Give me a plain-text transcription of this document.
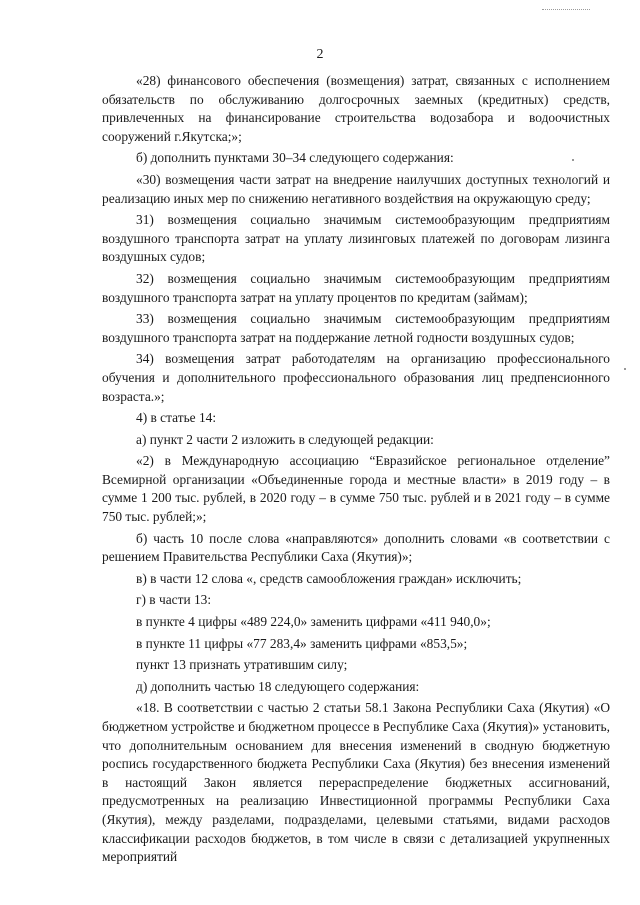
2

«28) финансового обеспечения (возмещения) затрат, связанных с исполнением обязательств по обслуживанию долгосрочных заемных (кредитных) средств, привлеченных на финансирование строительства водозабора и водоочистных сооружений г.Якутска;»;

б) дополнить пунктами 30–34 следующего содержания:

«30) возмещения части затрат на внедрение наилучших доступных технологий и реализацию иных мер по снижению негативного воздействия на окружающую среду;

31) возмещения социально значимым системообразующим предприятиям воздушного транспорта затрат на уплату лизинговых платежей по договорам лизинга воздушных судов;

32) возмещения социально значимым системообразующим предприятиям воздушного транспорта затрат на уплату процентов по кредитам (займам);

33) возмещения социально значимым системообразующим предприятиям воздушного транспорта затрат на поддержание летной годности воздушных судов;

34) возмещения затрат работодателям на организацию профессионального обучения и дополнительного профессионального образования лиц предпенсионного возраста.»;

4) в статье 14:

а) пункт 2 части 2 изложить в следующей редакции:

«2) в Международную ассоциацию “Евразийское региональное отделение” Всемирной организации «Объединенные города и местные власти» в 2019 году – в сумме 1 200 тыс. рублей, в 2020 году – в сумме 750 тыс. рублей и в 2021 году – в сумме 750 тыс. рублей;»;

б) часть 10 после слова «направляются» дополнить словами «в соответствии с решением Правительства Республики Саха (Якутия)»;

в) в части 12 слова «, средств самообложения граждан» исключить;

г) в части 13:

в пункте 4 цифры «489 224,0» заменить цифрами «411 940,0»;

в пункте 11 цифры «77 283,4» заменить цифрами «853,5»;

пункт 13 признать утратившим силу;

д) дополнить частью 18 следующего содержания:

«18. В соответствии с частью 2 статьи 58.1 Закона Республики Саха (Якутия) «О бюджетном устройстве и бюджетном процессе в Республике Саха (Якутия)» установить, что дополнительным основанием для внесения изменений в сводную бюджетную роспись государственного бюджета Республики Саха (Якутия) без внесения изменений в настоящий Закон является перераспределение бюджетных ассигнований, предусмотренных на реализацию Инвестиционной программы Республики Саха (Якутия), между разделами, подразделами, целевыми статьями, видами расходов классификации расходов бюджетов, в том числе в связи с детализацией укрупненных мероприятий
